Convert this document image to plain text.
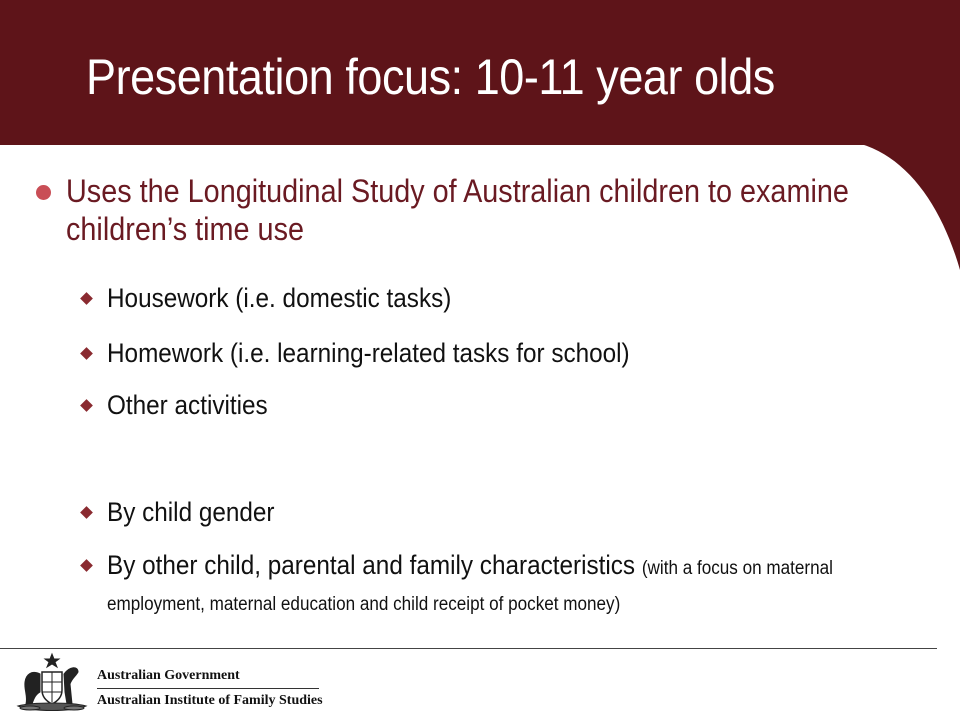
Presentation focus: 10-11 year olds
Uses the Longitudinal Study of Australian children to examine children’s time use
Housework (i.e. domestic tasks)
Homework (i.e. learning-related tasks for school)
Other activities
By child gender
By other child, parental and family characteristics (with a focus on maternal employment, maternal education and child receipt of pocket money)
Australian Government
Australian Institute of Family Studies
